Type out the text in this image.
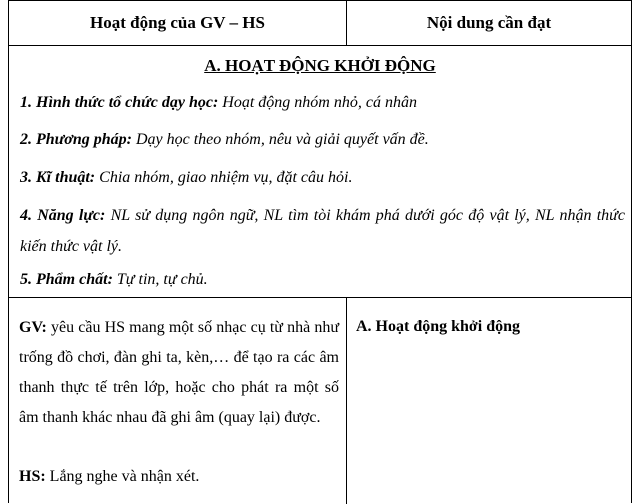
Hoạt động của GV – HS	Nội dung cần đạt
A. HOẠT ĐỘNG KHỞI ĐỘNG
1. Hình thức tổ chức dạy học: Hoạt động nhóm nhỏ, cá nhân
2. Phương pháp: Dạy học theo nhóm, nêu và giải quyết vấn đề.
3. Kĩ thuật: Chia nhóm, giao nhiệm vụ, đặt câu hỏi.
4. Năng lực: NL sử dụng ngôn ngữ, NL tìm tòi khám phá dưới góc độ vật lý, NL nhận thức kiến thức vật lý.
5. Phẩm chất: Tự tin, tự chủ.
GV: yêu cầu HS mang một số nhạc cụ từ nhà như trống đồ chơi, đàn ghi ta, kèn,… để tạo ra các âm thanh thực tế trên lớp, hoặc cho phát ra một số âm thanh khác nhau đã ghi âm (quay lại) được.
HS: Lắng nghe và nhận xét.
A. Hoạt động khởi động
